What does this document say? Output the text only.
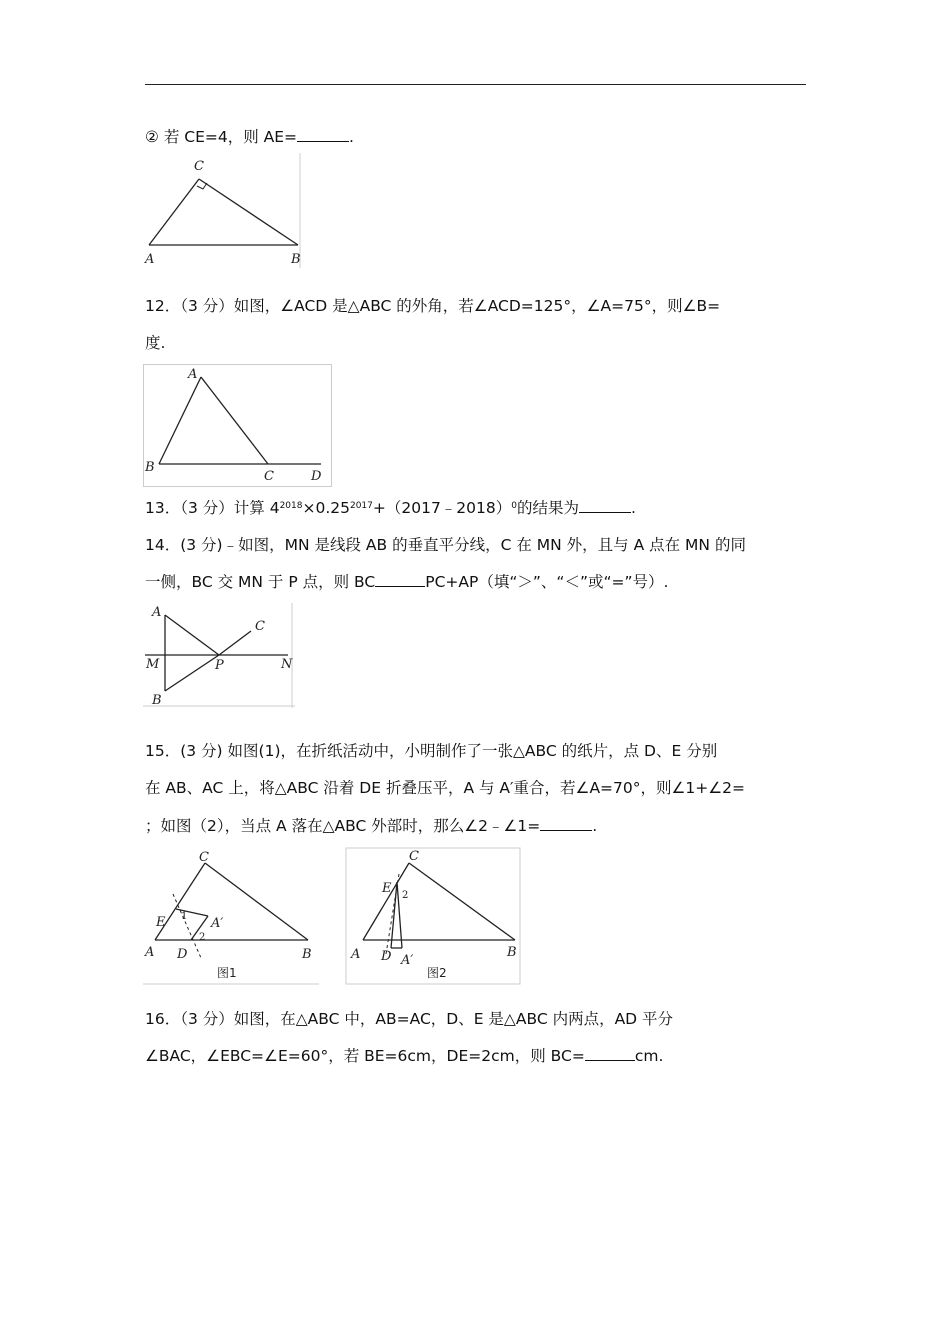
② 若 CE=4，则 AE=	.
C
A	B
12．（3 分）如图，∠ACD 是△ABC 的外角，若∠ACD=125°，∠A=75°，则∠B=
度.
A
B
C	D
13．（3 分）计算 $4^{2018}\times 0.25^{2017}+(2017﹣2018)^0$的结果为	.
14．(3 分)﹣如图，MN 是线段 AB 的垂直平分线，C 在 MN 外，且与 A 点在 MN 的同
一侧，BC 交 MN 于 P 点，则 BC	PC+AP（填“＞”、“＜”或“=”号）.
A
C
M	P	N
B
15．(3 分) 如图(1)，在折纸活动中，小明制作了一张△ABC 的纸片，点 D、E 分别
在 AB、AC 上，将△ABC 沿着 DE 折叠压平，A 与 A′重合，若∠A=70°，则∠1+∠2=
；如图（2），当点 A 落在△ABC 外部时，那么∠2﹣∠1=	.
C
E	A′
1
2
A D	B
图1
C
E 2
A D A′
B
图2
16．（3 分）如图，在△ABC 中，AB=AC，D、E 是△ABC 内两点，AD 平分
∠BAC，∠EBC=∠E=60°，若 BE=6cm，DE=2cm，则 BC=	cm.
